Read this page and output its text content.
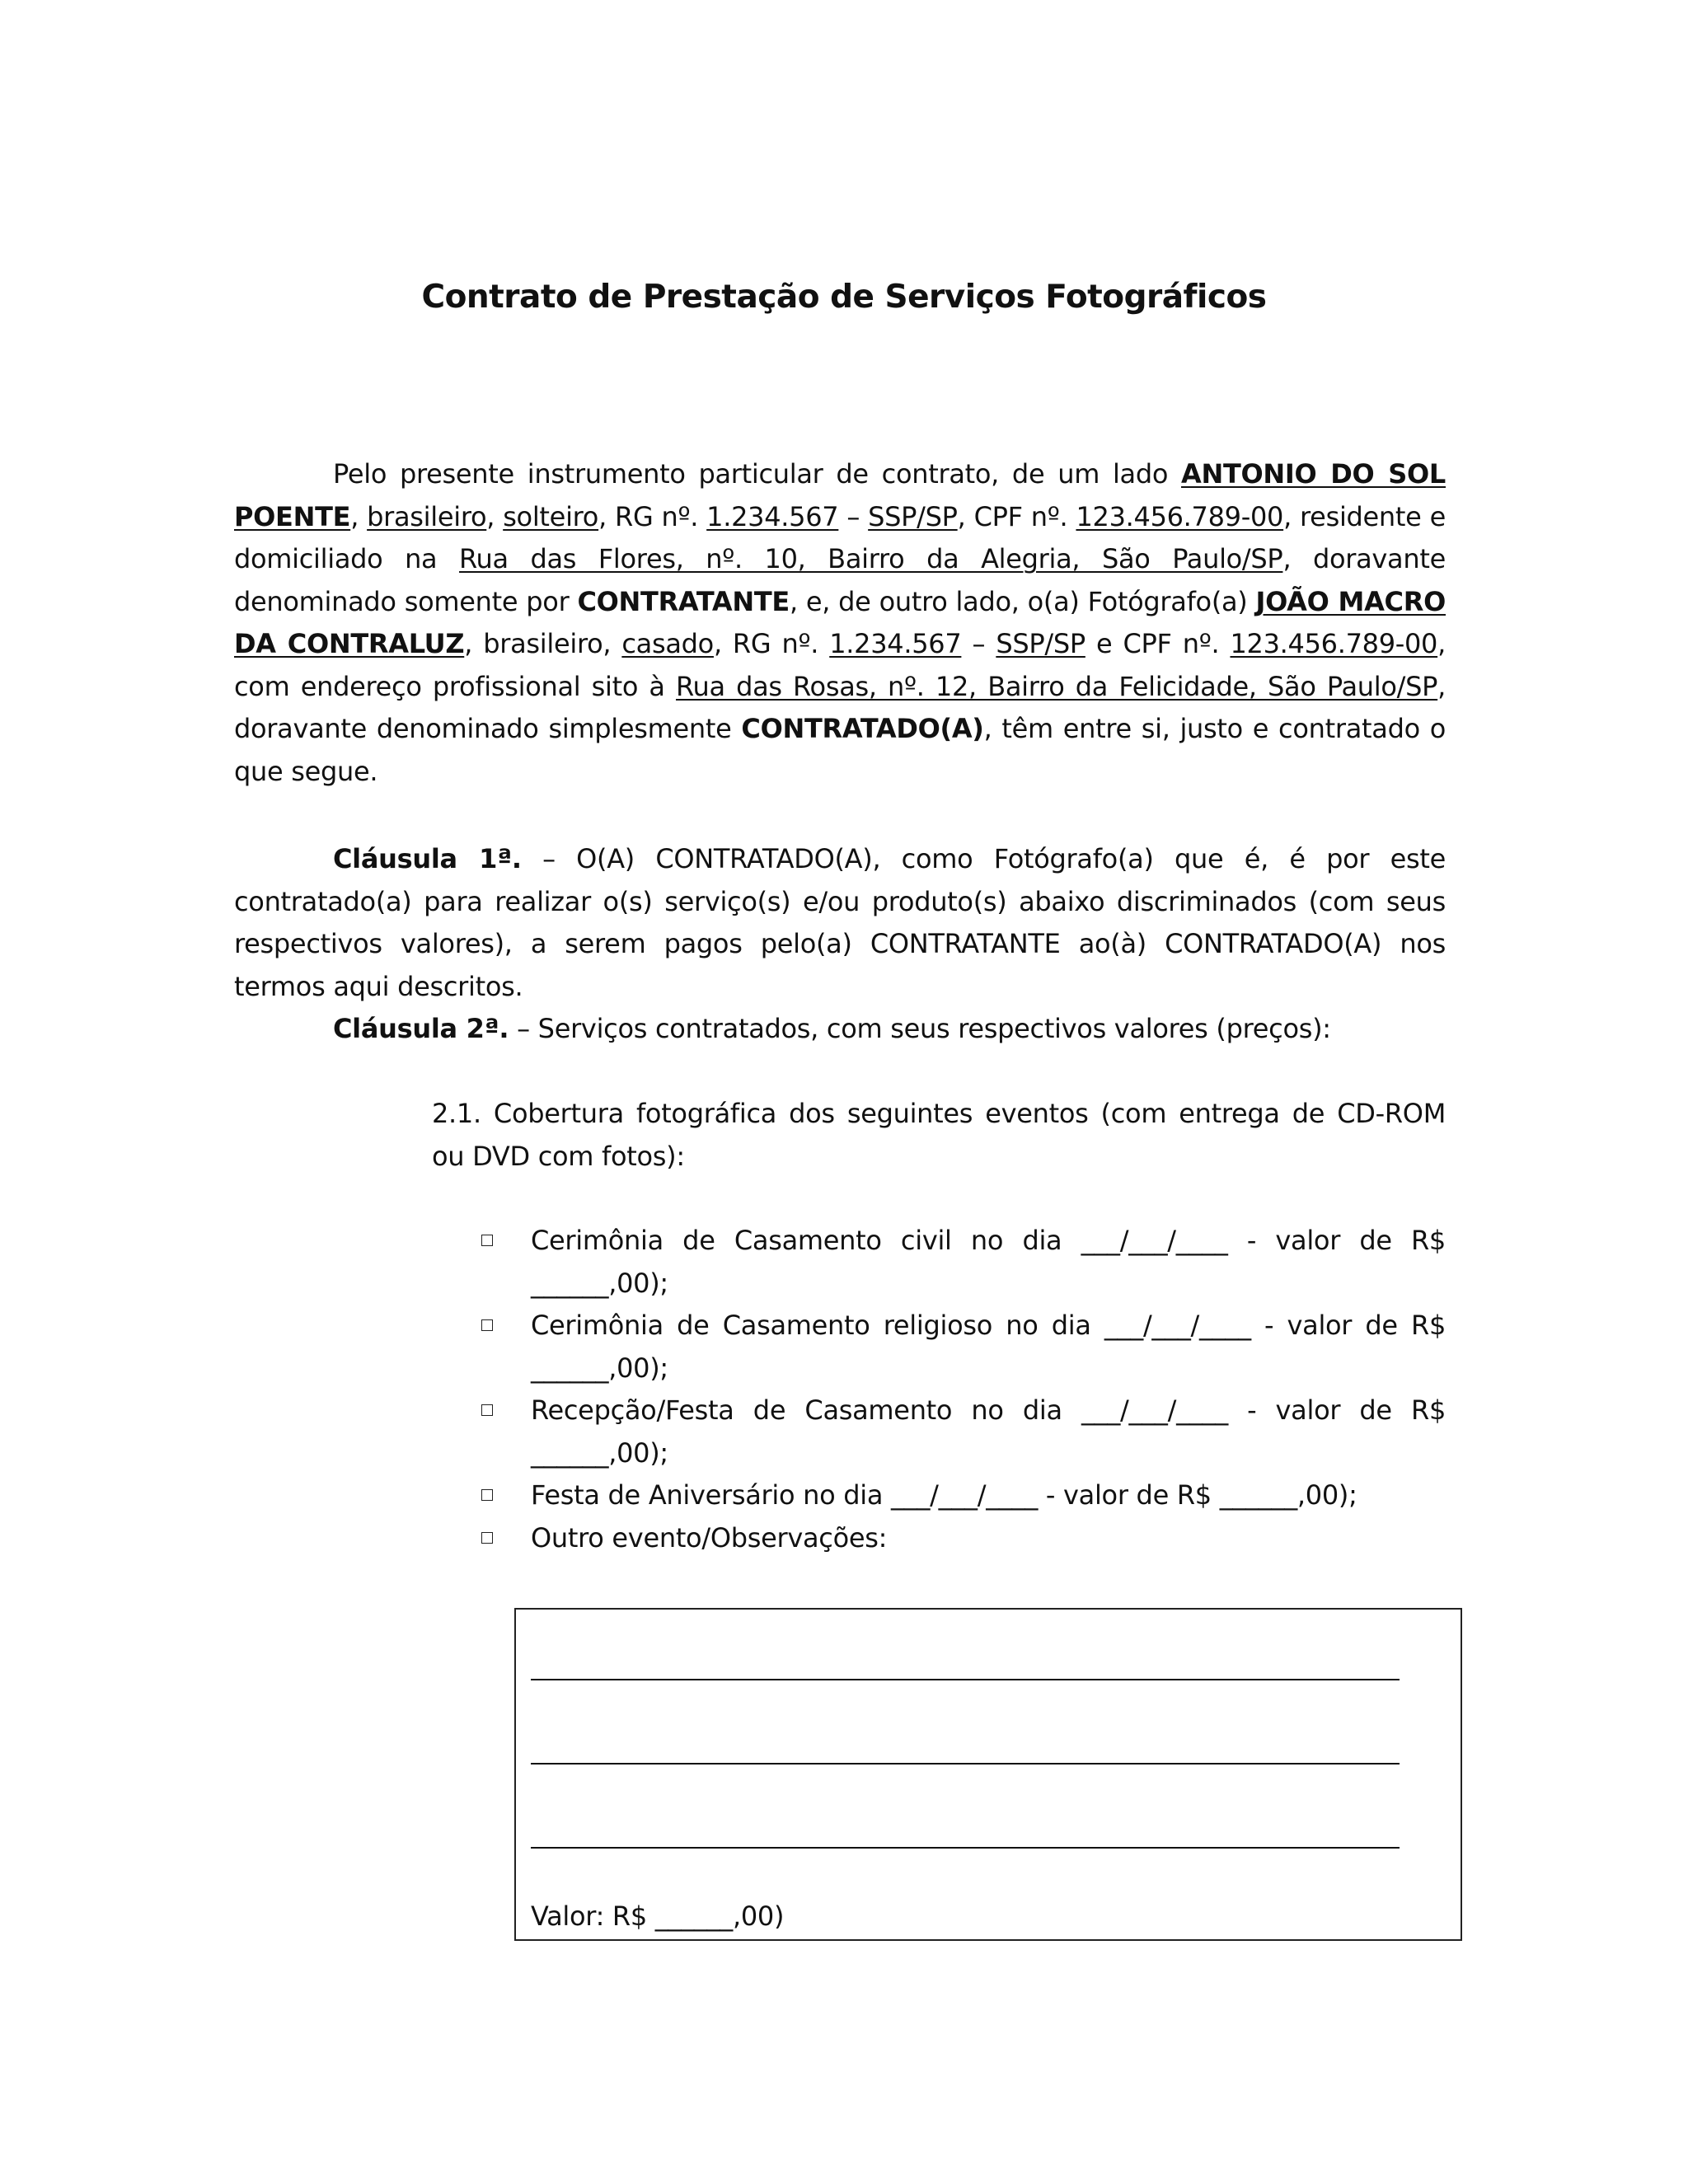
Contrato de Prestação de Serviços Fotográficos
Pelo presente instrumento particular de contrato, de um lado ANTONIO DO SOL POENTE, brasileiro, solteiro, RG nº. 1.234.567 – SSP/SP, CPF nº. 123.456.789-00, residente e domiciliado na Rua das Flores, nº. 10, Bairro da Alegria, São Paulo/SP, doravante denominado somente por CONTRATANTE, e, de outro lado, o(a) Fotógrafo(a) JOÃO MACRO DA CONTRALUZ, brasileiro, casado, RG nº. 1.234.567 – SSP/SP e CPF nº. 123.456.789-00, com endereço profissional sito à Rua das Rosas, nº. 12, Bairro da Felicidade, São Paulo/SP, doravante denominado simplesmente CONTRATADO(A), têm entre si, justo e contratado o que segue.
Cláusula 1ª. – O(A) CONTRATADO(A), como Fotógrafo(a) que é, é por este contratado(a) para realizar o(s) serviço(s) e/ou produto(s) abaixo discriminados (com seus respectivos valores), a serem pagos pelo(a) CONTRATANTE ao(à) CONTRATADO(A) nos termos aqui descritos.
Cláusula 2ª. – Serviços contratados, com seus respectivos valores (preços):
2.1. Cobertura fotográfica dos seguintes eventos (com entrega de CD-ROM ou DVD com fotos):
Cerimônia de Casamento civil no dia ___/___/____ - valor de R$ ______,00);
Cerimônia de Casamento religioso no dia ___/___/____ - valor de R$ ______,00);
Recepção/Festa de Casamento no dia ___/___/____ - valor de R$ ______,00);
Festa de Aniversário no dia ___/___/____ - valor de R$ ______,00);
Outro evento/Observações:
Valor: R$ ______,00)
